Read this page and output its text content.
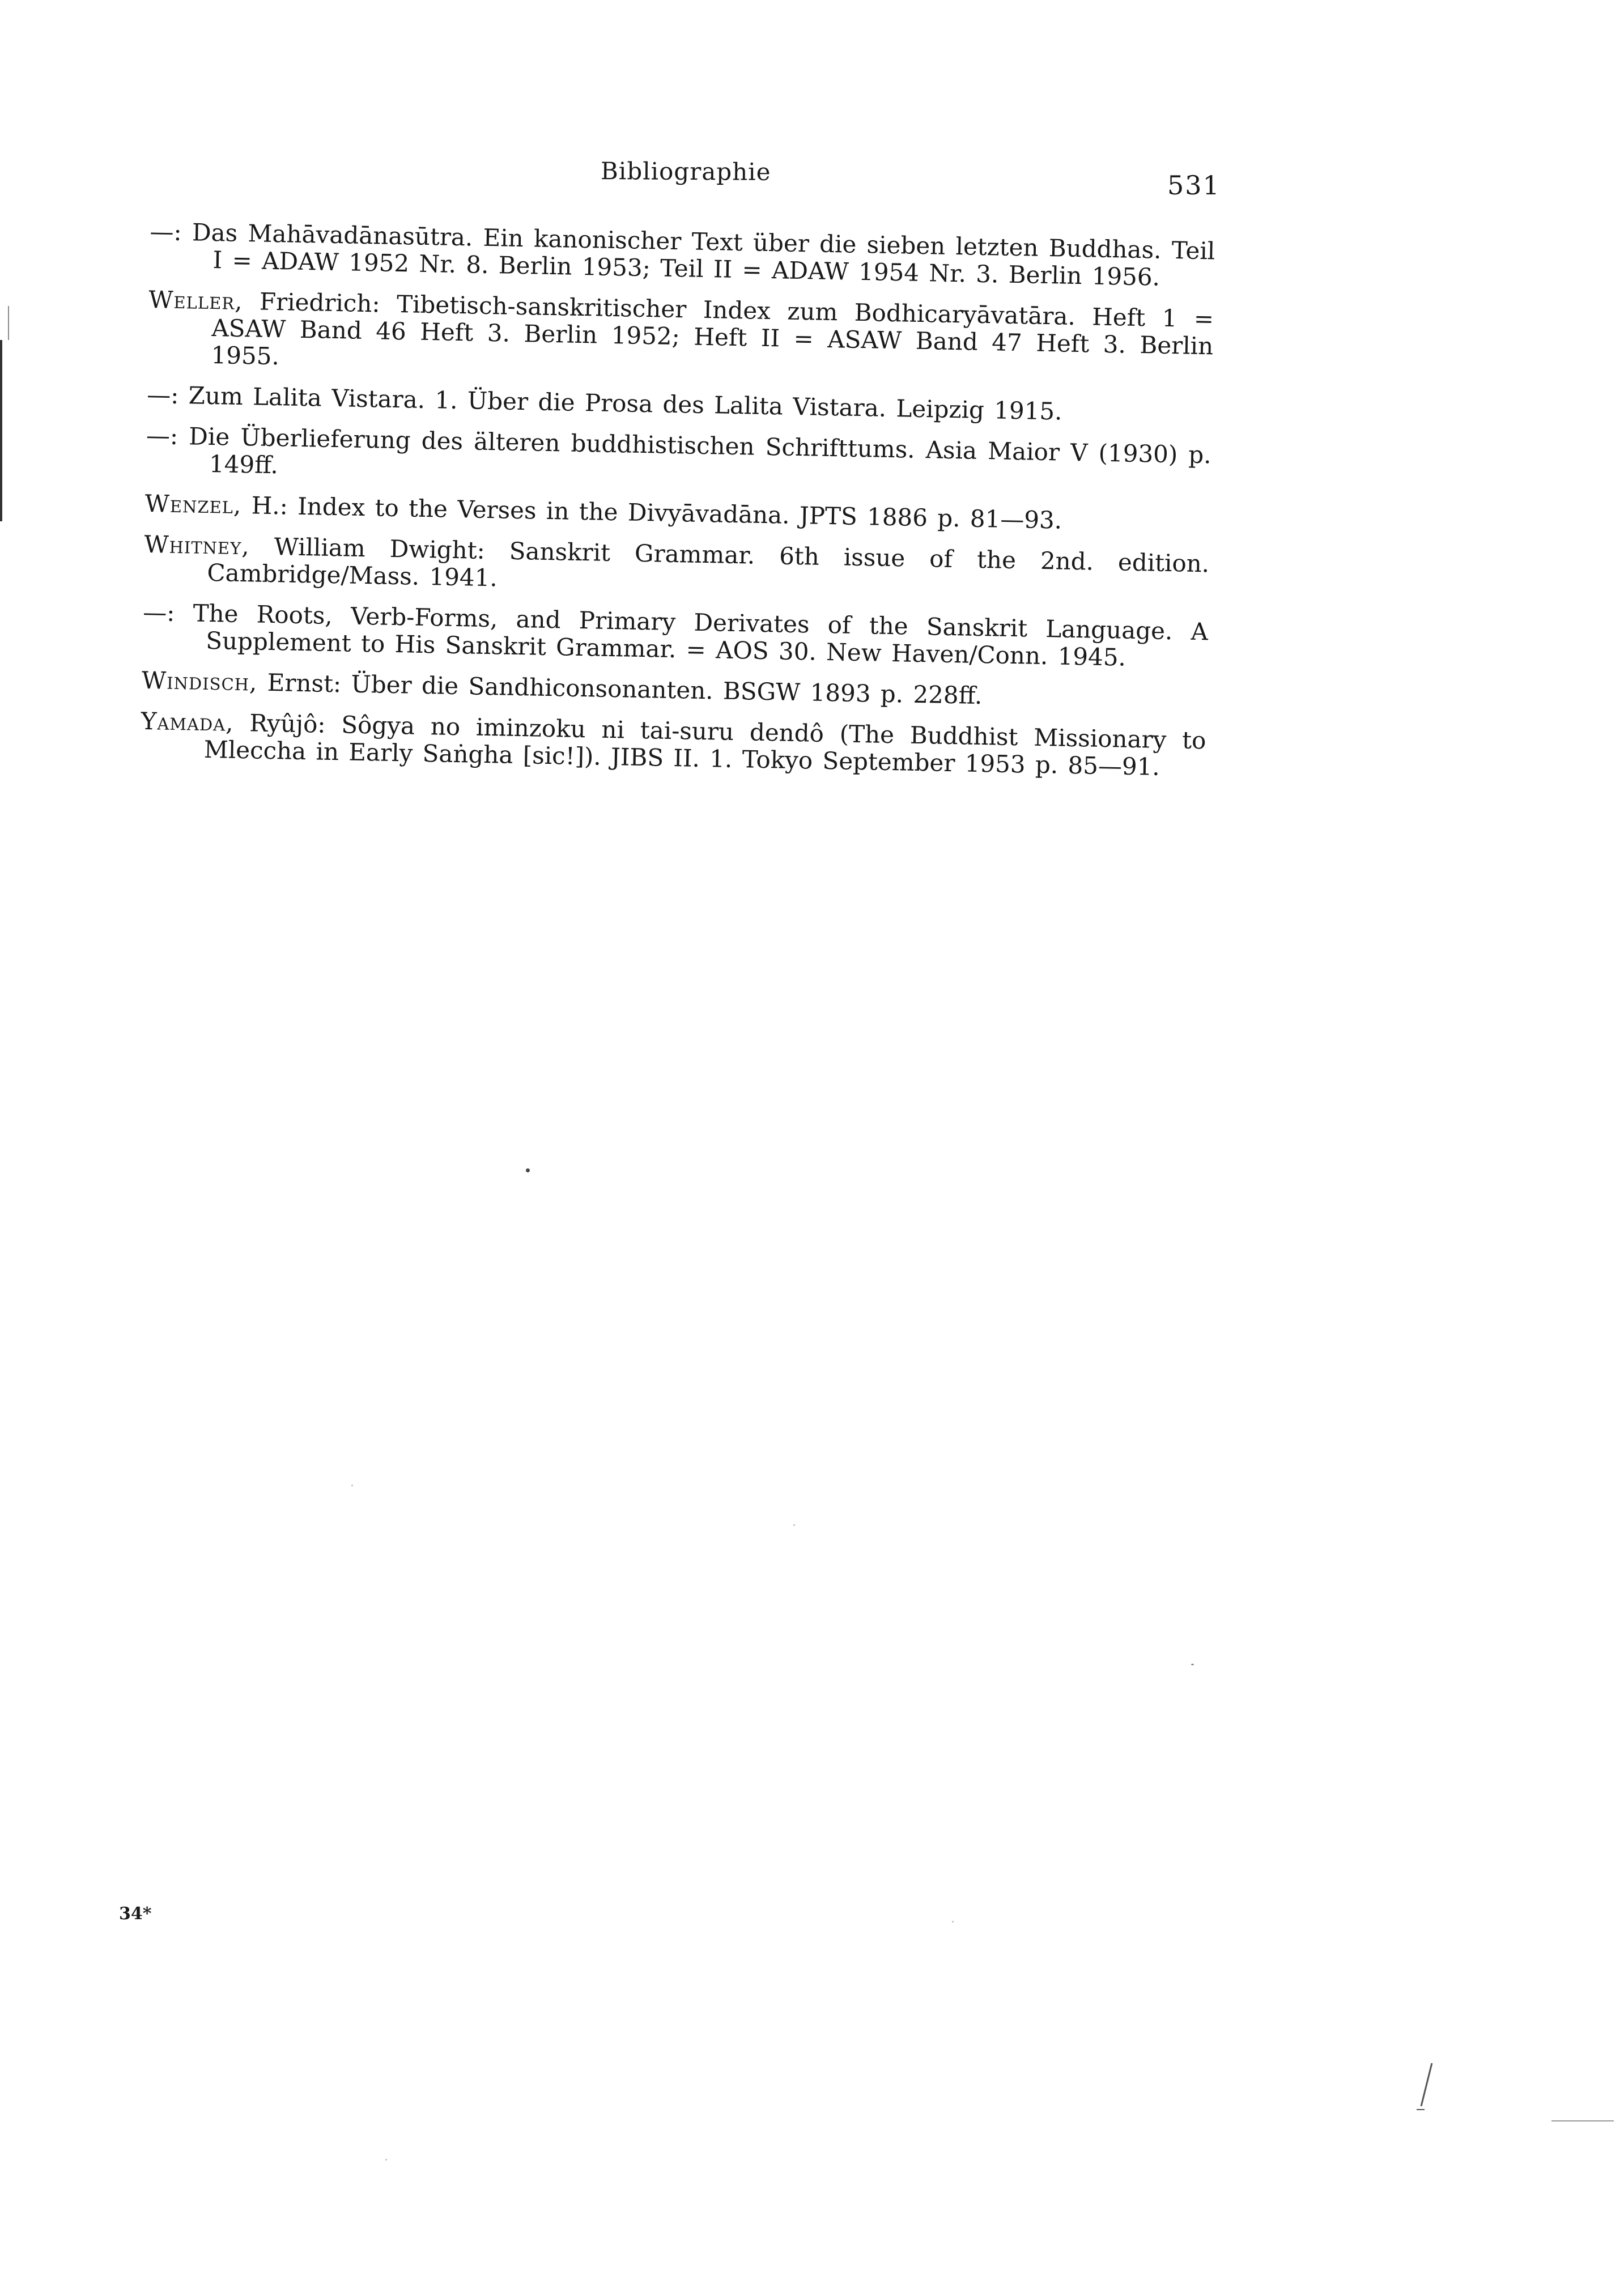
Bibliographie	531
—: Das Mahāvadānasūtra. Ein kanonischer Text über die sieben letzten Buddhas. Teil I = ADAW 1952 Nr. 8. Berlin 1953; Teil II = ADAW 1954 Nr. 3. Berlin 1956.
Weller, Friedrich: Tibetisch-sanskritischer Index zum Bodhicaryāvatāra. Heft 1 = ASAW Band 46 Heft 3. Berlin 1952; Heft II = ASAW Band 47 Heft 3. Berlin 1955.
—: Zum Lalita Vistara. 1. Über die Prosa des Lalita Vistara. Leipzig 1915.
—: Die Überlieferung des älteren buddhistischen Schrifttums. Asia Maior V (1930) p. 149ff.
Wenzel, H.: Index to the Verses in the Divyāvadāna. JPTS 1886 p. 81—93.
Whitney, William Dwight: Sanskrit Grammar. 6th issue of the 2nd. edition. Cambridge/Mass. 1941.
—: The Roots, Verb-Forms, and Primary Derivates of the Sanskrit Language. A Supplement to His Sanskrit Grammar. = AOS 30. New Haven/Conn. 1945.
Windisch, Ernst: Über die Sandhiconsonanten. BSGW 1893 p. 228ff.
Yamada, Ryûjô: Sôgya no iminzoku ni tai-suru dendô (The Buddhist Missionary to Mleccha in Early Saṅgha [sic!]). JIBS II. 1. Tokyo September 1953 p. 85—91.
34*
